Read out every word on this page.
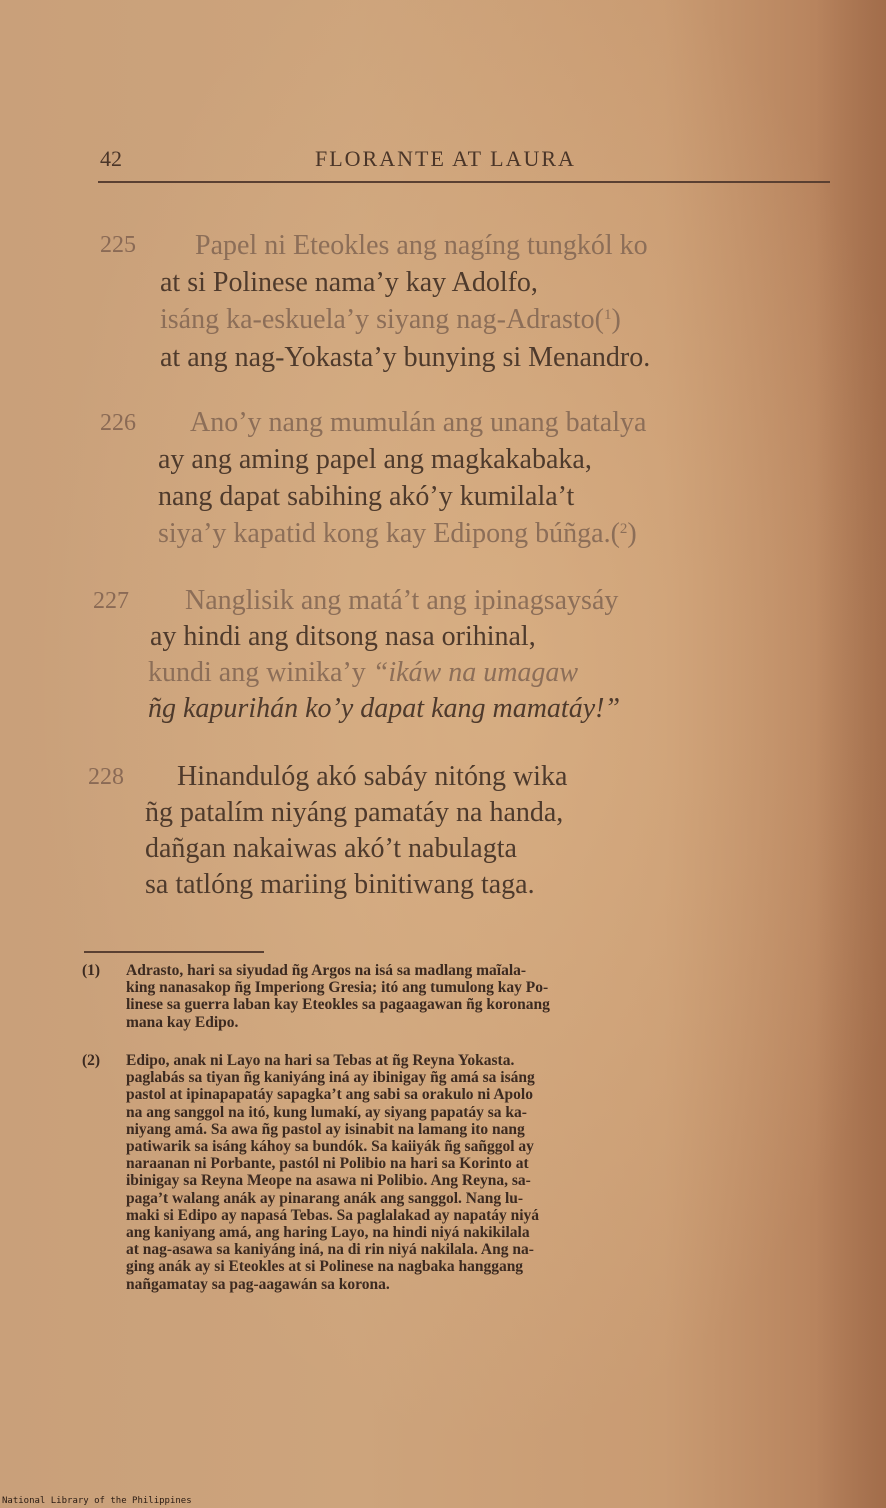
42	FLORANTE AT LAURA
225 Papel ni Eteokles ang nagíng tungkól ko
at si Polinese nama’y kay Adolfo,
isáng ka-eskuela’y siyang nag-Adrasto($^1$)
at ang nag-Yokasta’y bunying si Menandro.
226 Ano’y nang mumulán ang unang batalya
ay ang aming papel ang magkakabaka,
nang dapat sabihing akó’y kumilala’t
siya’y kapatid kong kay Edipong búñga.($^2$)
227 Nanglisik ang matá’t ang ipinagsaysáy
ay hindi ang ditsong nasa orihinal,
kundi ang winika’y “ikáw na umagaw
ñg kapurihán ko’y dapat kang mamatáy!”
228 Hinandulóg akó sabáy nitóng wika
ñg patalím niyáng pamatáy na handa,
dañgan nakaiwas akó’t nabulagta
sa tatlóng mariing binitiwang taga.
(1)	Adrasto, hari sa siyudad ñg Argos na isá sa madlang maĩala-
king nanasakop ñg Imperiong Gresia; itó ang tumulong kay Po-
linese sa guerra laban kay Eteokles sa pagaagawan ñg koronang
mana kay Edipo.
(2)	Edipo, anak ni Layo na hari sa Tebas at ñg Reyna Yokasta.
paglabás sa tiyan ñg kaniyáng iná ay ibinigay ñg amá sa isáng
pastol at ipinapapatáy sapagka’t ang sabi sa orakulo ni Apolo
na ang sanggol na itó, kung lumakí, ay siyang papatáy sa ka-
niyang amá. Sa awa ñg pastol ay isinabit na lamang ito nang
patiwarik sa isáng káhoy sa bundók. Sa kaiiyák ñg sañggol ay
naraanan ni Porbante, pastól ni Polibio na hari sa Korinto at
ibinigay sa Reyna Meope na asawa ni Polibio. Ang Reyna, sa-
paga’t walang anák ay pinarang anák ang sanggol. Nang lu-
maki si Edipo ay napasá Tebas. Sa paglalakad ay napatáy niyá
ang kaniyang amá, ang haring Layo, na hindi niyá nakikilala
at nag-asawa sa kaniyáng iná, na di rin niyá nakilala. Ang na-
ging anák ay si Eteokles at si Polinese na nagbaka hanggang
nañgamatay sa pag-aagawán sa korona.
National Library of the Philippines
